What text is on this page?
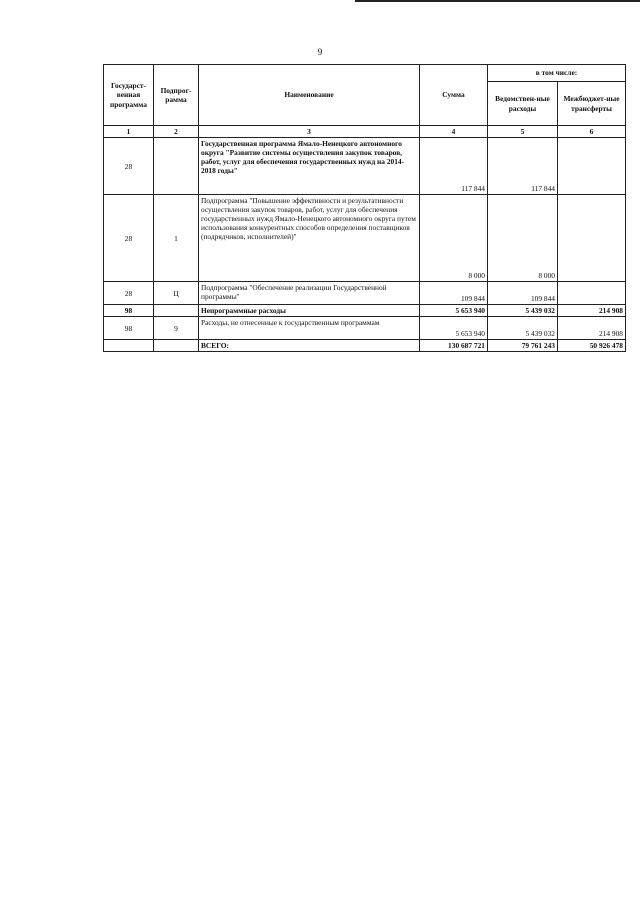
9
Государст-венная программа	Подпрог-рамма	Наименование	Сумма	в том числе:	
				Ведомствен-ные расходы	Межбюджет-ные трансферты
1	2	3	4	5	6
28		Государственная программа Ямало-Ненецкого автономного округа "Развитие системы осуществления закупок товаров, работ, услуг для обеспечения государственных нужд на 2014-2018 годы"	117 844	117 844	
28	1	Подпрограмма "Повышение эффективности и результативности осуществления закупок товаров, работ, услуг для обеспечения государственных нужд Ямало-Ненецкого автономного округа путем использования конкурентных способов определения поставщиков (подрядчиков, исполнителей)"	8 000	8 000	
28	Ц	Подпрограмма "Обеспечение реализации Государственной программы"	109 844	109 844	
98		Непрограммные расходы	5 653 940	5 439 032	214 908
98	9	Расходы, не отнесенные к государственным программам	5 653 940	5 439 032	214 908
		ВСЕГО:	130 687 721	79 761 243	50 926 478
